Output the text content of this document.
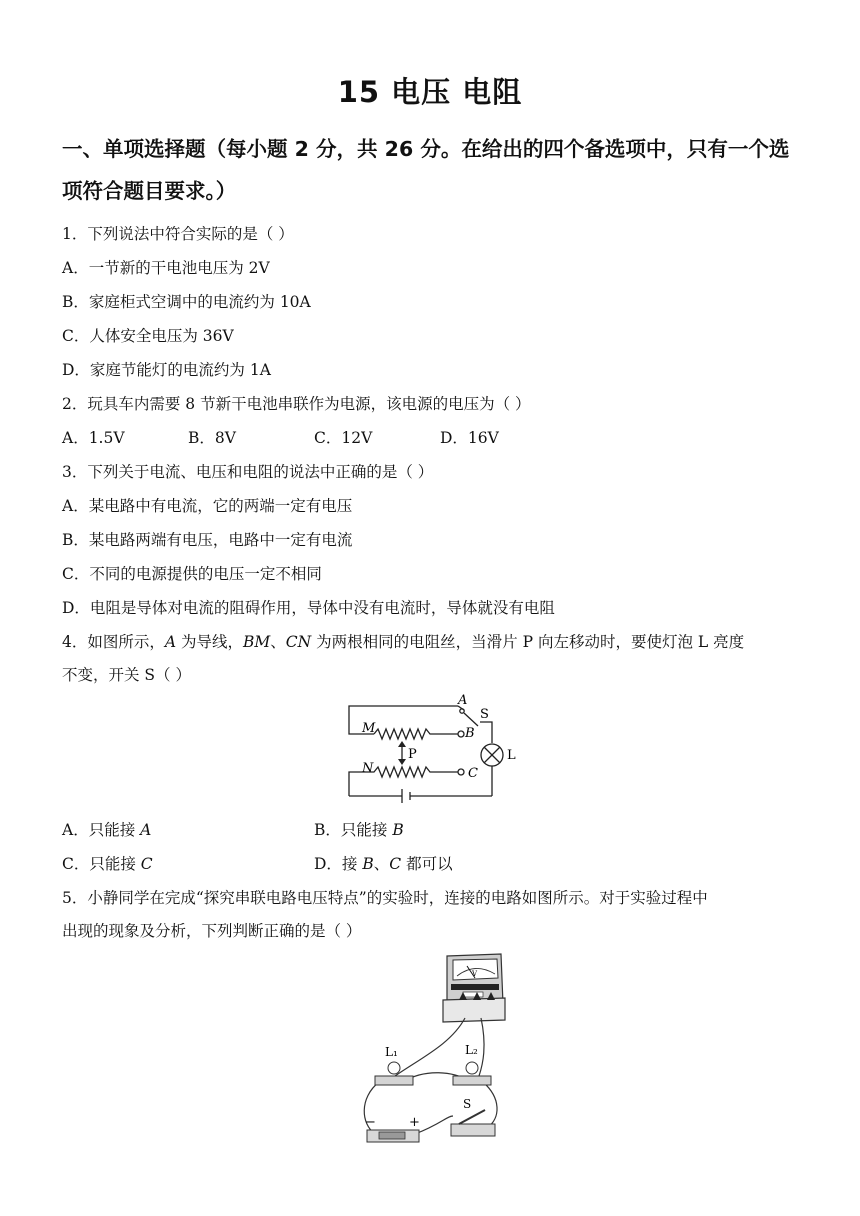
15 电压 电阻
一、单项选择题（每小题 2 分，共 26 分。在给出的四个备选项中，只有一个选项符合题目要求。）
1．下列说法中符合实际的是（ ）
A．一节新的干电池电压为 2V
B．家庭柜式空调中的电流约为 10A
C．人体安全电压为 36V
D．家庭节能灯的电流约为 1A
2．玩具车内需要 8 节新干电池串联作为电源，该电源的电压为（ ）
A．1.5V	B．8V	C．12V	D．16V
3．下列关于电流、电压和电阻的说法中正确的是（ ）
A．某电路中有电流，它的两端一定有电压
B．某电路两端有电压，电路中一定有电流
C．不同的电源提供的电压一定不相同
D．电阻是导体对电流的阻碍作用，导体中没有电流时，导体就没有电阻
4．如图所示，A 为导线，BM、CN 为两根相同的电阻丝，当滑片 P 向左移动时，要使灯泡 L 亮度
不变，开关 S（ ）
A
S
M	B
P	L
N	C
A．只能接 A	B．只能接 B
C．只能接 C	D．接 B、C 都可以
5．小静同学在完成“探究串联电路电压特点”的实验时，连接的电路如图所示。对于实验过程中
出现的现象及分析，下列判断正确的是（ ）
V
L₁	L₂
−	+
S
